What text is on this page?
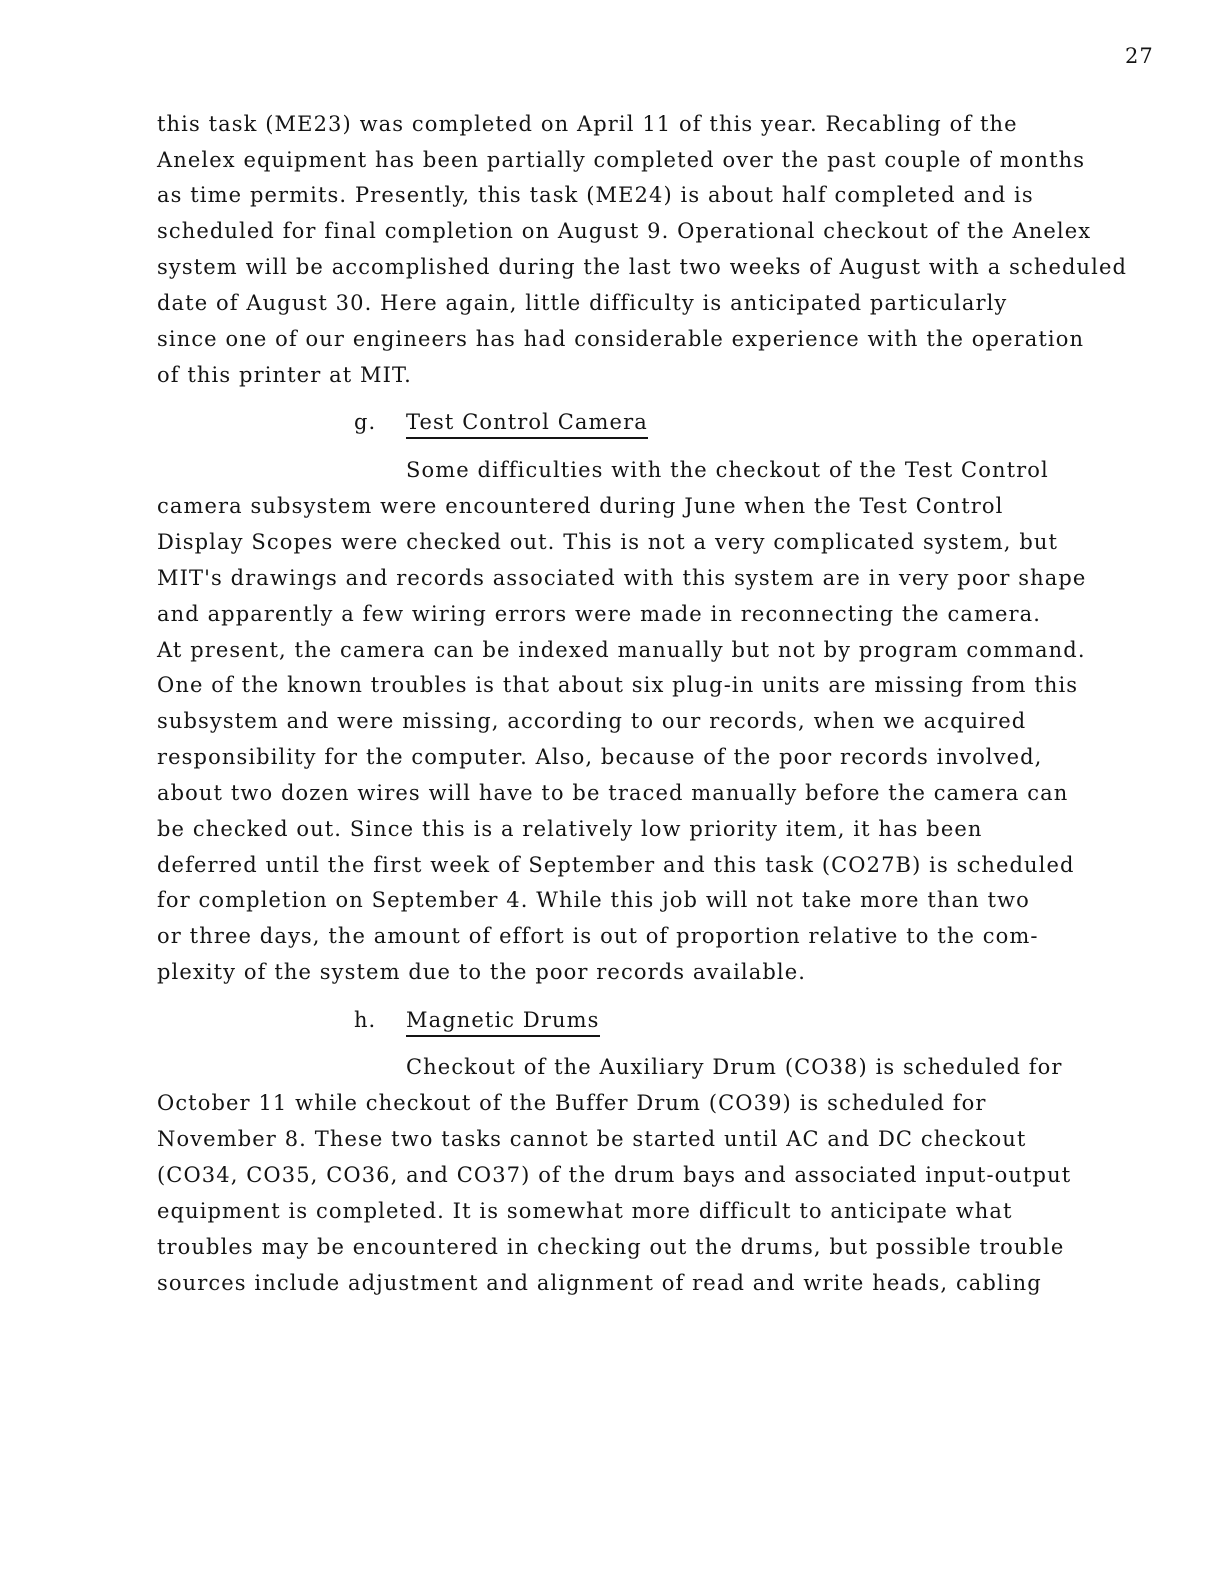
27
this task (ME23) was completed on April 11 of this year. Recabling of the
Anelex equipment has been partially completed over the past couple of months
as time permits. Presently, this task (ME24) is about half completed and is
scheduled for final completion on August 9. Operational checkout of the Anelex
system will be accomplished during the last two weeks of August with a scheduled
date of August 30. Here again, little difficulty is anticipated particularly
since one of our engineers has had considerable experience with the operation
of this printer at MIT.
g. Test Control Camera
Some difficulties with the checkout of the Test Control
camera subsystem were encountered during June when the Test Control
Display Scopes were checked out. This is not a very complicated system, but
MIT's drawings and records associated with this system are in very poor shape
and apparently a few wiring errors were made in reconnecting the camera.
At present, the camera can be indexed manually but not by program command.
One of the known troubles is that about six plug-in units are missing from this
subsystem and were missing, according to our records, when we acquired
responsibility for the computer. Also, because of the poor records involved,
about two dozen wires will have to be traced manually before the camera can
be checked out. Since this is a relatively low priority item, it has been
deferred until the first week of September and this task (CO27B) is scheduled
for completion on September 4. While this job will not take more than two
or three days, the amount of effort is out of proportion relative to the com-
plexity of the system due to the poor records available.
h. Magnetic Drums
Checkout of the Auxiliary Drum (CO38) is scheduled for
October 11 while checkout of the Buffer Drum (CO39) is scheduled for
November 8. These two tasks cannot be started until AC and DC checkout
(CO34, CO35, CO36, and CO37) of the drum bays and associated input-output
equipment is completed. It is somewhat more difficult to anticipate what
troubles may be encountered in checking out the drums, but possible trouble
sources include adjustment and alignment of read and write heads, cabling
